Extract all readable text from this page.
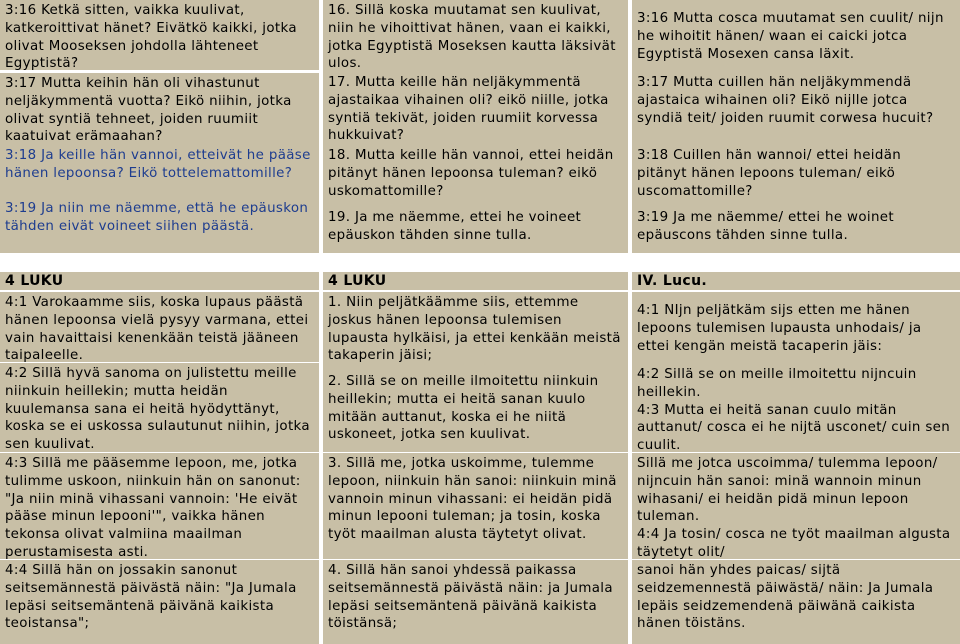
3:16 Ketkä sitten, vaikka kuulivat, katkeroittivat hänet? Eivätkö kaikki, jotka olivat Mooseksen johdolla lähteneet Egyptistä?

3:17 Mutta keihin hän oli vihastunut neljäkymmentä vuotta? Eikö niihin, jotka olivat syntiä tehneet, joiden ruumiit kaatuivat erämaahan?

3:18 Ja keille hän vannoi, etteivät he pääse hänen lepoonsa? Eikö tottelemattomille?

3:19 Ja niin me näemme, että he epäuskon tähden eivät voineet siihen päästä.

16. Sillä koska muutamat sen kuulivat, niin he vihoittivat hänen, vaan ei kaikki, jotka Egyptistä Moseksen kautta läksivät ulos.

17. Mutta keille hän neljäkymmentä ajastaikaa vihainen oli? eikö niille, jotka syntiä tekivät, joiden ruumiit korvessa hukkuivat?

18. Mutta keille hän vannoi, ettei heidän pitänyt hänen lepoonsa tuleman? eikö uskomattomille?

19. Ja me näemme, ettei he voineet epäuskon tähden sinne tulla.

3:16 Mutta cosca muutamat sen cuulit/ nijn he wihoitit hänen/ waan ei caicki jotca Egyptistä Mosexen cansa läxit.

3:17 Mutta cuillen hän neljäkymmendä ajastaica wihainen oli? Eikö nijlle jotca syndiä teit/ joiden ruumit corwesa hucuit?

3:18 Cuillen hän wannoi/ ettei heidän pitänyt hänen lepoons tuleman/ eikö uscomattomille?

3:19 Ja me näemme/ ettei he woinet epäuscons tähden sinne tulla.

4 LUKU	4 LUKU	IV. Lucu.

4:1 Varokaamme siis, koska lupaus päästä hänen lepoonsa vielä pysyy varmana, ettei vain havaittaisi kenenkään teistä jääneen taipaleelle.

4:2 Sillä hyvä sanoma on julistettu meille niinkuin heillekin; mutta heidän kuulemansa sana ei heitä hyödyttänyt, koska se ei uskossa sulautunut niihin, jotka sen kuulivat.

4:3 Sillä me pääsemme lepoon, me, jotka tulimme uskoon, niinkuin hän on sanonut: "Ja niin minä vihassani vannoin: 'He eivät pääse minun lepooni'", vaikka hänen tekonsa olivat valmiina maailman perustamisesta asti.

4:4 Sillä hän on jossakin sanonut seitsemännestä päivästä näin: "Ja Jumala lepäsi seitsemäntenä päivänä kaikista teoistansa";

1. Niin peljätkäämme siis, ettemme joskus hänen lepoonsa tulemisen lupausta hylkäisi, ja ettei kenkään meistä takaperin jäisi;

2. Sillä se on meille ilmoitettu niinkuin heillekin; mutta ei heitä sanan kuulo mitään auttanut, koska ei he niitä uskoneet, jotka sen kuulivat.

3. Sillä me, jotka uskoimme, tulemme lepoon, niinkuin hän sanoi: niinkuin minä vannoin minun vihassani: ei heidän pidä minun lepooni tuleman; ja tosin, koska työt maailman alusta täytetyt olivat.

4. Sillä hän sanoi yhdessä paikassa seitsemännestä päivästä näin: ja Jumala lepäsi seitsemäntenä päivänä kaikista töistänsä;

4:1 NIjn peljätkäm sijs etten me hänen lepoons tulemisen lupausta unhodais/ ja ettei kengän meistä tacaperin jäis:

4:2 Sillä se on meille ilmoitettu nijncuin heillekin.

4:3 Mutta ei heitä sanan cuulo mitän auttanut/ cosca ei he nijtä usconet/ cuin sen cuulit.

Sillä me jotca uscoimma/ tulemma lepoon/ nijncuin hän sanoi: minä wannoin minun wihasani/ ei heidän pidä minun lepoon tuleman.

4:4 Ja tosin/ cosca ne työt maailman algusta täytetyt olit/

sanoi hän yhdes paicas/ sijtä seidzemennestä päiwästä/ näin: Ja Jumala lepäis seidzemendenä päiwänä caikista hänen töistäns.
